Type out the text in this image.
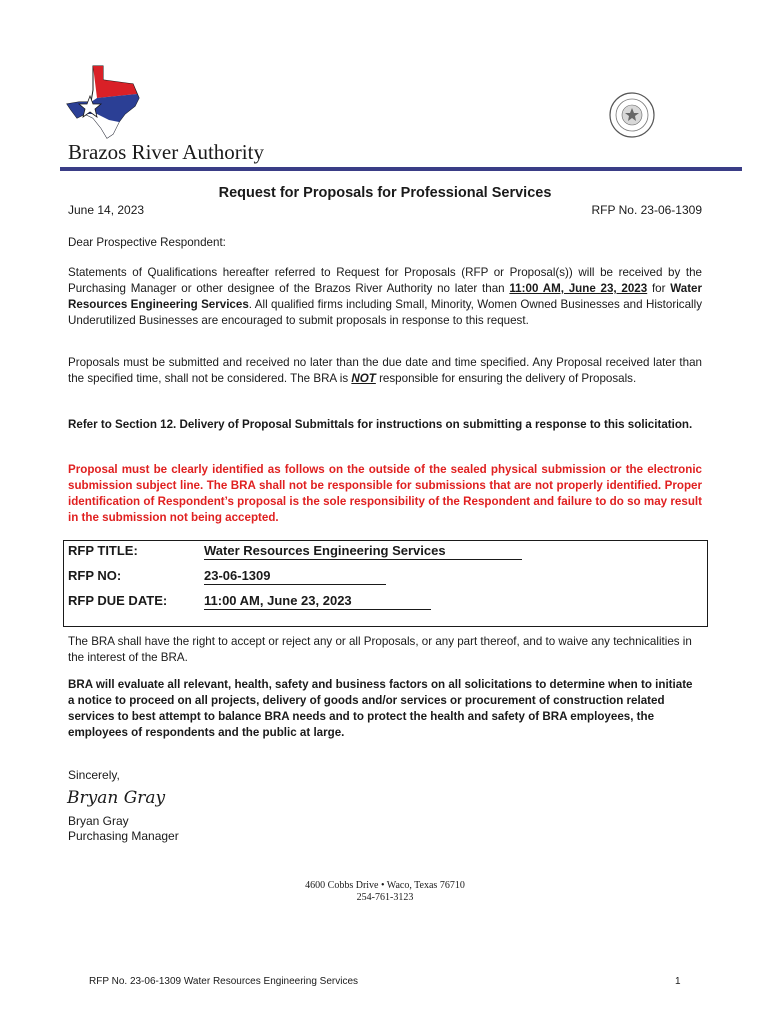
Brazos River Authority
Request for Proposals for Professional Services
June 14, 2023	RFP No. 23-06-1309
Dear Prospective Respondent:
Statements of Qualifications hereafter referred to Request for Proposals (RFP or Proposal(s)) will be received by the Purchasing Manager or other designee of the Brazos River Authority no later than 11:00 AM, June 23, 2023 for Water Resources Engineering Services. All qualified firms including Small, Minority, Women Owned Businesses and Historically Underutilized Businesses are encouraged to submit proposals in response to this request.
Proposals must be submitted and received no later than the due date and time specified. Any Proposal received later than the specified time, shall not be considered. The BRA is NOT responsible for ensuring the delivery of Proposals.
Refer to Section 12. Delivery of Proposal Submittals for instructions on submitting a response to this solicitation.
Proposal must be clearly identified as follows on the outside of the sealed physical submission or the electronic submission subject line. The BRA shall not be responsible for submissions that are not properly identified. Proper identification of Respondent’s proposal is the sole responsibility of the Respondent and failure to do so may result in the submission not being accepted.
RFP TITLE:	Water Resources Engineering Services
RFP NO:	23-06-1309
RFP DUE DATE:	11:00 AM, June 23, 2023
The BRA shall have the right to accept or reject any or all Proposals, or any part thereof, and to waive any technicalities in the interest of the BRA.
BRA will evaluate all relevant, health, safety and business factors on all solicitations to determine when to initiate a notice to proceed on all projects, delivery of goods and/or services or procurement of construction related services to best attempt to balance BRA needs and to protect the health and safety of BRA employees, the employees of respondents and the public at large.
Sincerely,
Bryan Gray
Bryan Gray
Purchasing Manager
4600 Cobbs Drive • Waco, Texas 76710
254-761-3123
RFP No. 23-06-1309 Water Resources Engineering Services	1
